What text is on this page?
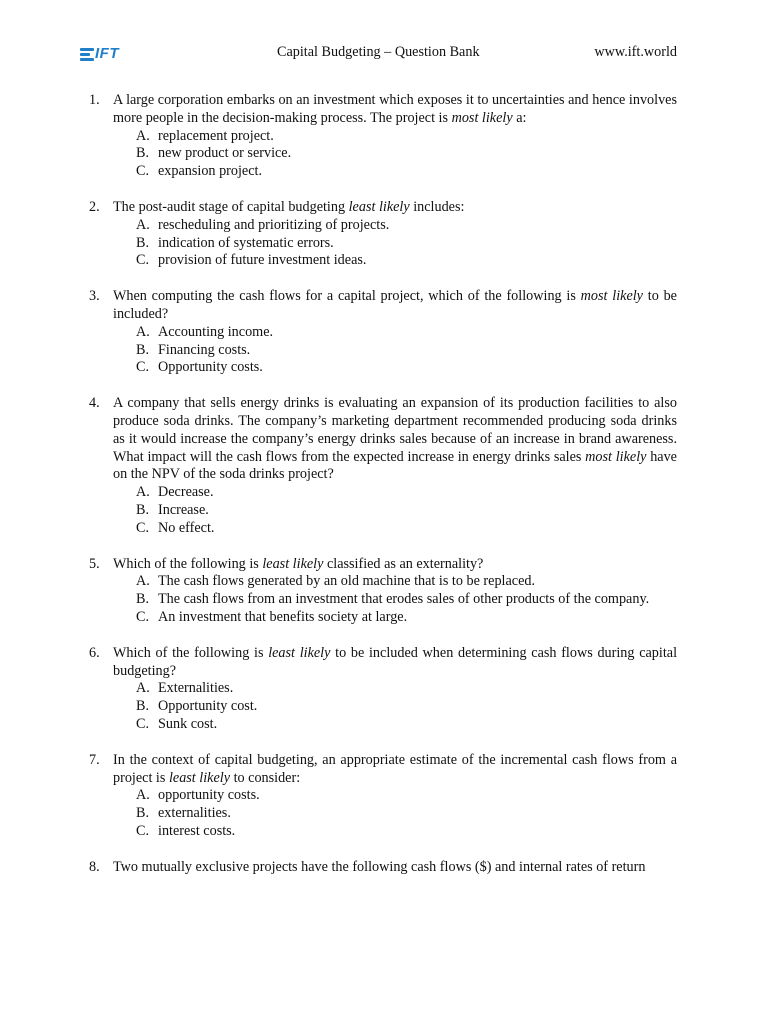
IFT	Capital Budgeting – Question Bank	www.ift.world
1. A large corporation embarks on an investment which exposes it to uncertainties and hence involves more people in the decision-making process. The project is most likely a:
A. replacement project.
B. new product or service.
C. expansion project.
2. The post-audit stage of capital budgeting least likely includes:
A. rescheduling and prioritizing of projects.
B. indication of systematic errors.
C. provision of future investment ideas.
3. When computing the cash flows for a capital project, which of the following is most likely to be included?
A. Accounting income.
B. Financing costs.
C. Opportunity costs.
4. A company that sells energy drinks is evaluating an expansion of its production facilities to also produce soda drinks. The company’s marketing department recommended producing soda drinks as it would increase the company’s energy drinks sales because of an increase in brand awareness. What impact will the cash flows from the expected increase in energy drinks sales most likely have on the NPV of the soda drinks project?
A. Decrease.
B. Increase.
C. No effect.
5. Which of the following is least likely classified as an externality?
A. The cash flows generated by an old machine that is to be replaced.
B. The cash flows from an investment that erodes sales of other products of the company.
C. An investment that benefits society at large.
6. Which of the following is least likely to be included when determining cash flows during capital budgeting?
A. Externalities.
B. Opportunity cost.
C. Sunk cost.
7. In the context of capital budgeting, an appropriate estimate of the incremental cash flows from a project is least likely to consider:
A. opportunity costs.
B. externalities.
C. interest costs.
8. Two mutually exclusive projects have the following cash flows ($) and internal rates of return
